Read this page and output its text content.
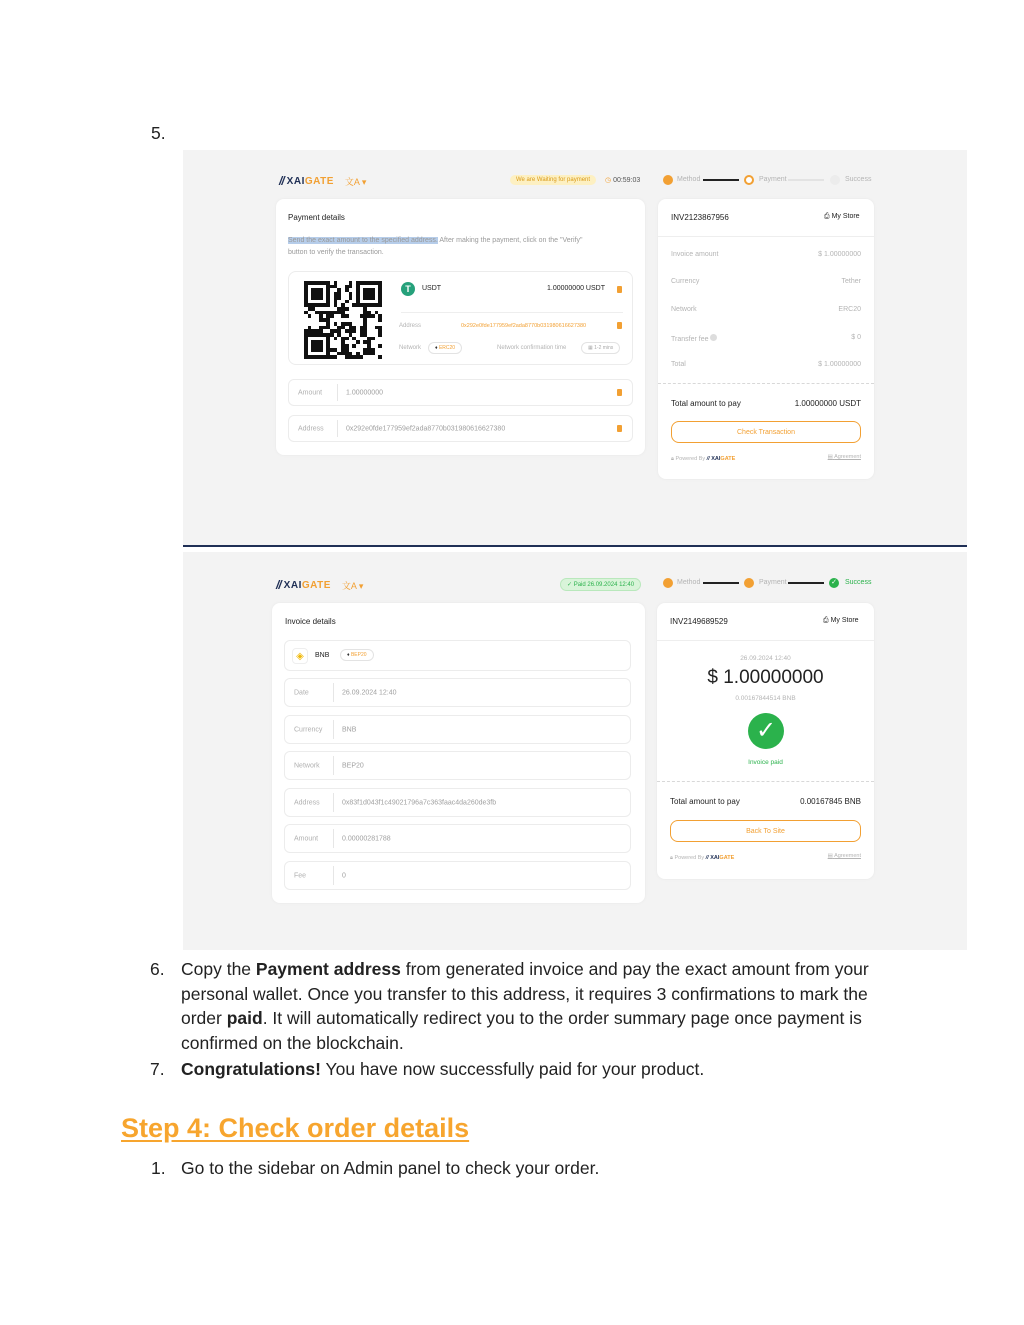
5.
// XAIGATE 文A ▾	We are Waiting for payment	◷ 00:59:03	Method	Payment	Success
Payment details
Send the exact amount to the specified address. After making the payment, click on the "Verify"
button to verify the transaction.
T	USDT	1.00000000 USDT
Address	0x292e0fde177959ef2ada8770b031980616627380
Network	♦ ERC20	Network confirmation time	▦ 1-2 mins
Amount	1.00000000
Address	0x292e0fde177959ef2ada8770b031980616627380
INV2123867956	⎙ My Store
Invoice amount	$ 1.00000000
Currency	Tether
Network	ERC20
Transfer fee	$ 0
Total	$ 1.00000000
Total amount to pay	1.00000000 USDT
Check Transaction
🔒︎ Powered By // XAIGATE	▤ Agreement
// XAIGATE 文A ▾	✓ Paid 26.09.2024 12:40	Method	Payment	✓ Success
Invoice details
◈	BNB	♦ BEP20
Date	26.09.2024 12:40
Currency	BNB
Network	BEP20
Address	0x83f1d043f1c49021796a7c363faac4da260de3fb
Amount	0.00000281788
Fee	0
INV2149689529	⎙ My Store
26.09.2024 12:40
$ 1.00000000
0.00167844514 BNB
✓
Invoice paid
Total amount to pay	0.00167845 BNB
Back To Site
🔒︎ Powered By // XAIGATE	▤ Agreement
6. Copy the Payment address from generated invoice and pay the exact amount from your personal wallet. Once you transfer to this address, it requires 3 confirmations to mark the order paid. It will automatically redirect you to the order summary page once payment is confirmed on the blockchain.
7. Congratulations! You have now successfully paid for your product.
Step 4: Check order details
1. Go to the sidebar on Admin panel to check your order.
